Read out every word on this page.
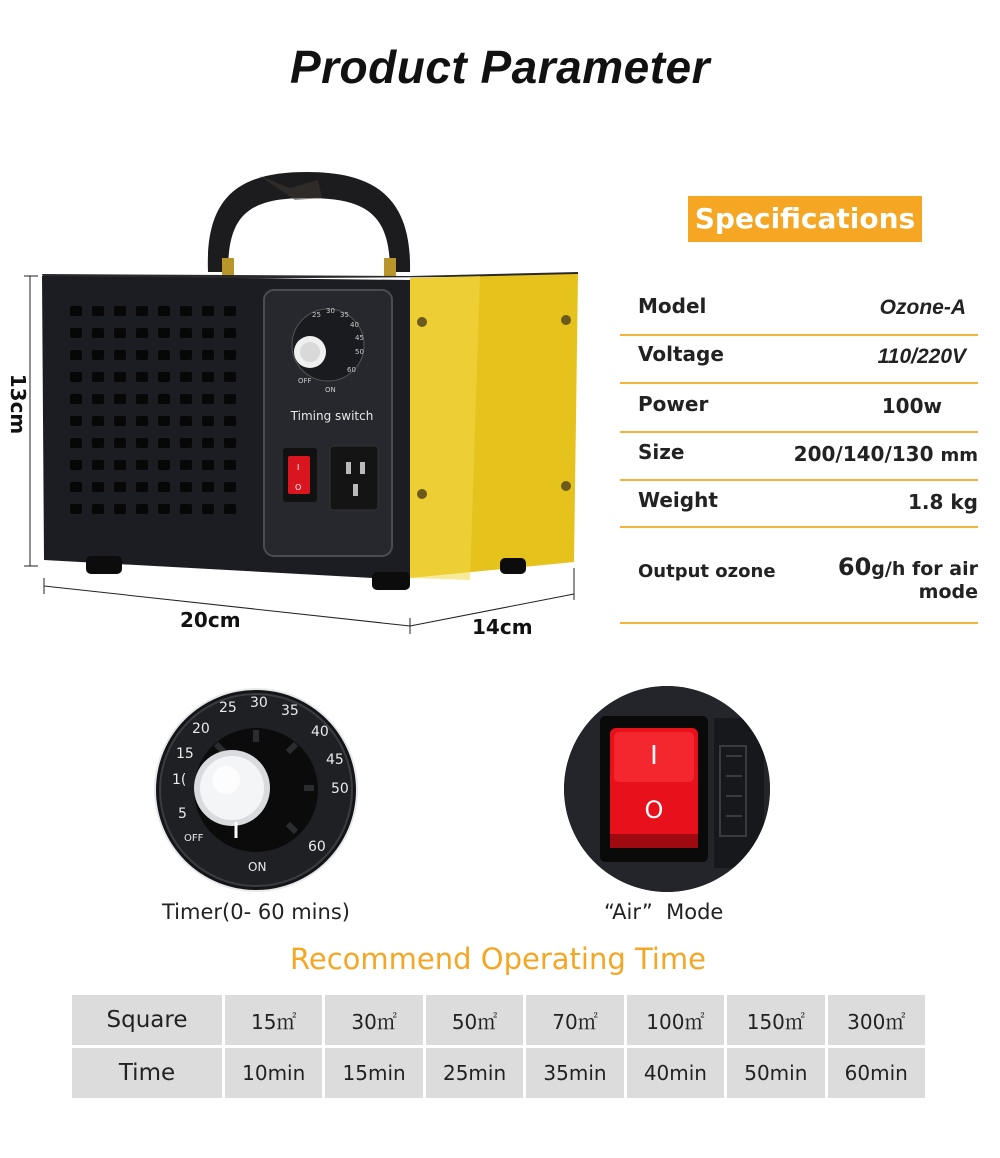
Product Parameter
25 30 35
40
45
50
60
OFF
ON
Timing switch
I
O
13cm
20cm	14cm
Specifications
Model	Ozone-A
Voltage	110/220V
Power	100w
Size	200/140/130 mm
Weight	1.8 kg
Output ozone	60g/h for air
mode
25 30 35
40
45
50
60
20
15
1(
5
OFF
ON
Timer(0- 60 mins)
I
O
“Air”  Mode
Recommend Operating Time
Square	15㎡	30㎡	50㎡	70㎡	100㎡	150㎡	300㎡
Time	10min	15min	25min	35min	40min	50min	60min
